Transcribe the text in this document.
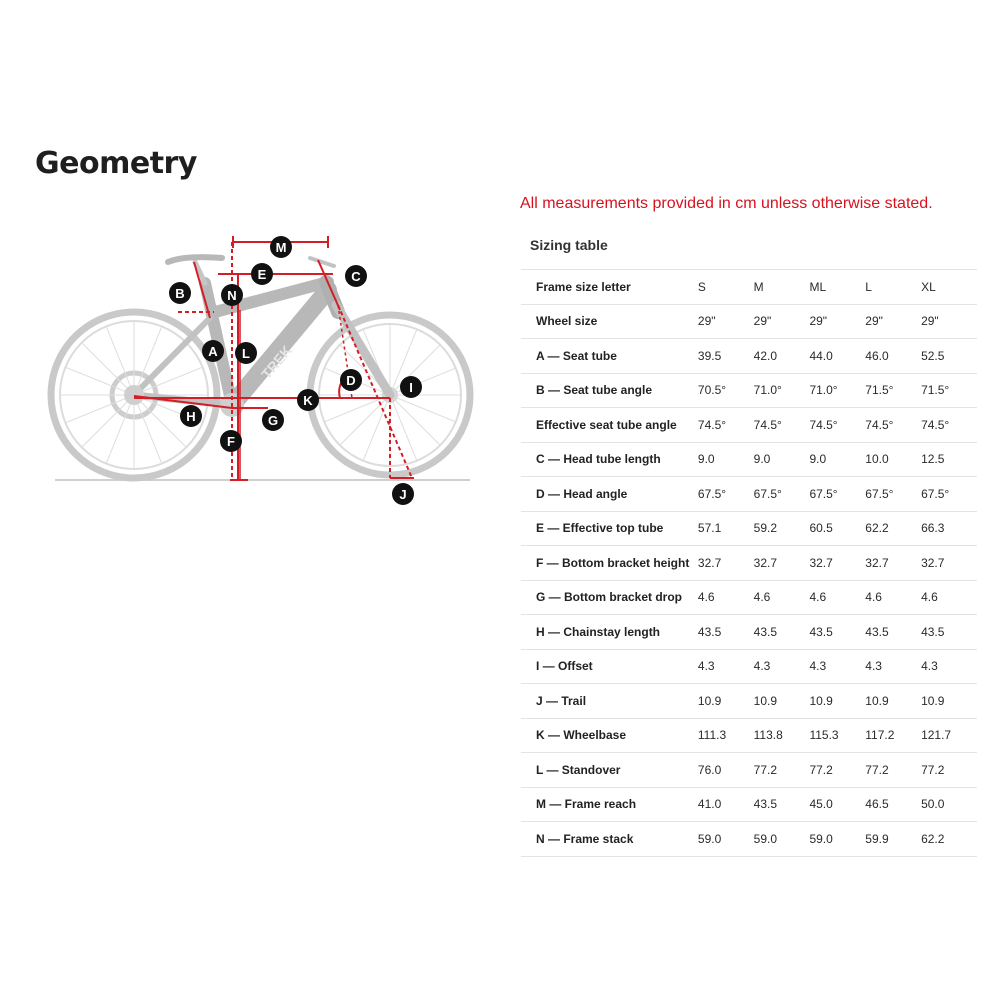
Geometry
TREK
M
E	C
B	N
A L
D	I
K
H	G
F
J
All measurements provided in cm unless otherwise stated.
Sizing table
Frame size letter	S	M	ML	L	XL
Wheel size	29"	29"	29"	29"	29"
A — Seat tube	39.5	42.0	44.0	46.0	52.5
B — Seat tube angle	70.5°	71.0°	71.0°	71.5°	71.5°
Effective seat tube angle	74.5°	74.5°	74.5°	74.5°	74.5°
C — Head tube length	9.0	9.0	9.0	10.0	12.5
D — Head angle	67.5°	67.5°	67.5°	67.5°	67.5°
E — Effective top tube	57.1	59.2	60.5	62.2	66.3
F — Bottom bracket height	32.7	32.7	32.7	32.7	32.7
G — Bottom bracket drop	4.6	4.6	4.6	4.6	4.6
H — Chainstay length	43.5	43.5	43.5	43.5	43.5
I — Offset	4.3	4.3	4.3	4.3	4.3
J — Trail	10.9	10.9	10.9	10.9	10.9
K — Wheelbase	111.3	113.8	115.3	117.2	121.7
L — Standover	76.0	77.2	77.2	77.2	77.2
M — Frame reach	41.0	43.5	45.0	46.5	50.0
N — Frame stack	59.0	59.0	59.0	59.9	62.2
